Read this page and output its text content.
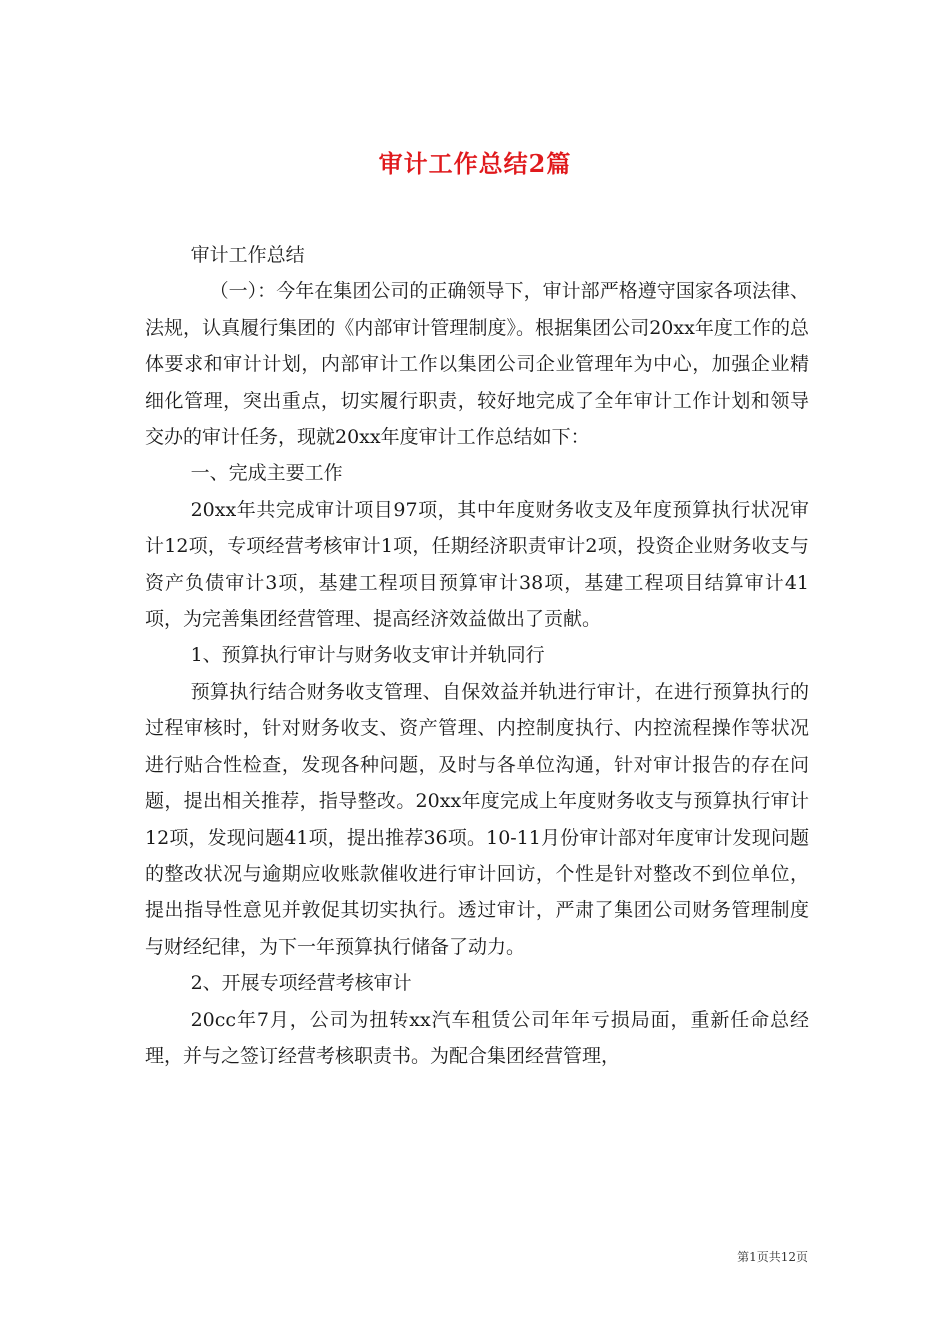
审计工作总结2篇

审计工作总结

（一）：今年在集团公司的正确领导下，审计部严格遵守国家各项法律、法规，认真履行集团的《内部审计管理制度》。根据集团公司20xx年度工作的总体要求和审计计划，内部审计工作以集团公司企业管理年为中心，加强企业精细化管理，突出重点，切实履行职责，较好地完成了全年审计工作计划和领导交办的审计任务，现就20xx年度审计工作总结如下：

一、完成主要工作

20xx年共完成审计项目97项，其中年度财务收支及年度预算执行状况审计12项，专项经营考核审计1项，任期经济职责审计2项，投资企业财务收支与资产负债审计3项，基建工程项目预算审计38项，基建工程项目结算审计41项，为完善集团经营管理、提高经济效益做出了贡献。

1、预算执行审计与财务收支审计并轨同行

预算执行结合财务收支管理、自保效益并轨进行审计，在进行预算执行的过程审核时，针对财务收支、资产管理、内控制度执行、内控流程操作等状况进行贴合性检查，发现各种问题，及时与各单位沟通，针对审计报告的存在问题，提出相关推荐，指导整改。20xx年度完成上年度财务收支与预算执行审计12项，发现问题41项，提出推荐36项。10-11月份审计部对年度审计发现问题的整改状况与逾期应收账款催收进行审计回访，个性是针对整改不到位单位，提出指导性意见并敦促其切实执行。透过审计，严肃了集团公司财务管理制度与财经纪律，为下一年预算执行储备了动力。

2、开展专项经营考核审计

20cc年7月，公司为扭转xx汽车租赁公司年年亏损局面，重新任命总经理，并与之签订经营考核职责书。为配合集团经营管理，

第1页共12页
